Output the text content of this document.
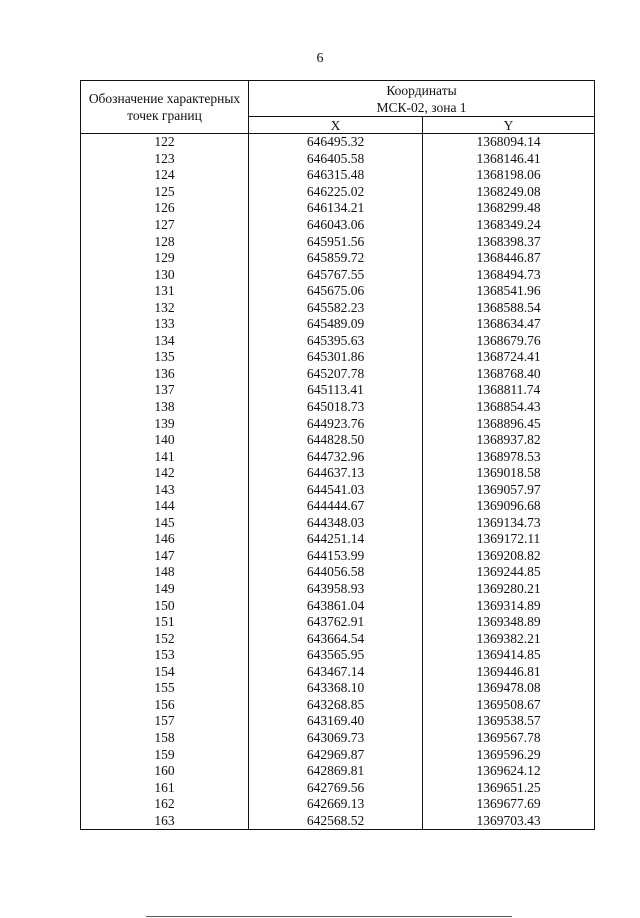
6
Обозначение характерных точек границ	Координаты
МСК-02, зона 1	

	X	Y
122	646495.32	1368094.14
123	646405.58	1368146.41
124	646315.48	1368198.06
125	646225.02	1368249.08
126	646134.21	1368299.48
127	646043.06	1368349.24
128	645951.56	1368398.37
129	645859.72	1368446.87
130	645767.55	1368494.73
131	645675.06	1368541.96
132	645582.23	1368588.54
133	645489.09	1368634.47
134	645395.63	1368679.76
135	645301.86	1368724.41
136	645207.78	1368768.40
137	645113.41	1368811.74
138	645018.73	1368854.43
139	644923.76	1368896.45
140	644828.50	1368937.82
141	644732.96	1368978.53
142	644637.13	1369018.58
143	644541.03	1369057.97
144	644444.67	1369096.68
145	644348.03	1369134.73
146	644251.14	1369172.11
147	644153.99	1369208.82
148	644056.58	1369244.85
149	643958.93	1369280.21
150	643861.04	1369314.89
151	643762.91	1369348.89
152	643664.54	1369382.21
153	643565.95	1369414.85
154	643467.14	1369446.81
155	643368.10	1369478.08
156	643268.85	1369508.67
157	643169.40	1369538.57
158	643069.73	1369567.78
159	642969.87	1369596.29
160	642869.81	1369624.12
161	642769.56	1369651.25
162	642669.13	1369677.69
163	642568.52	1369703.43
